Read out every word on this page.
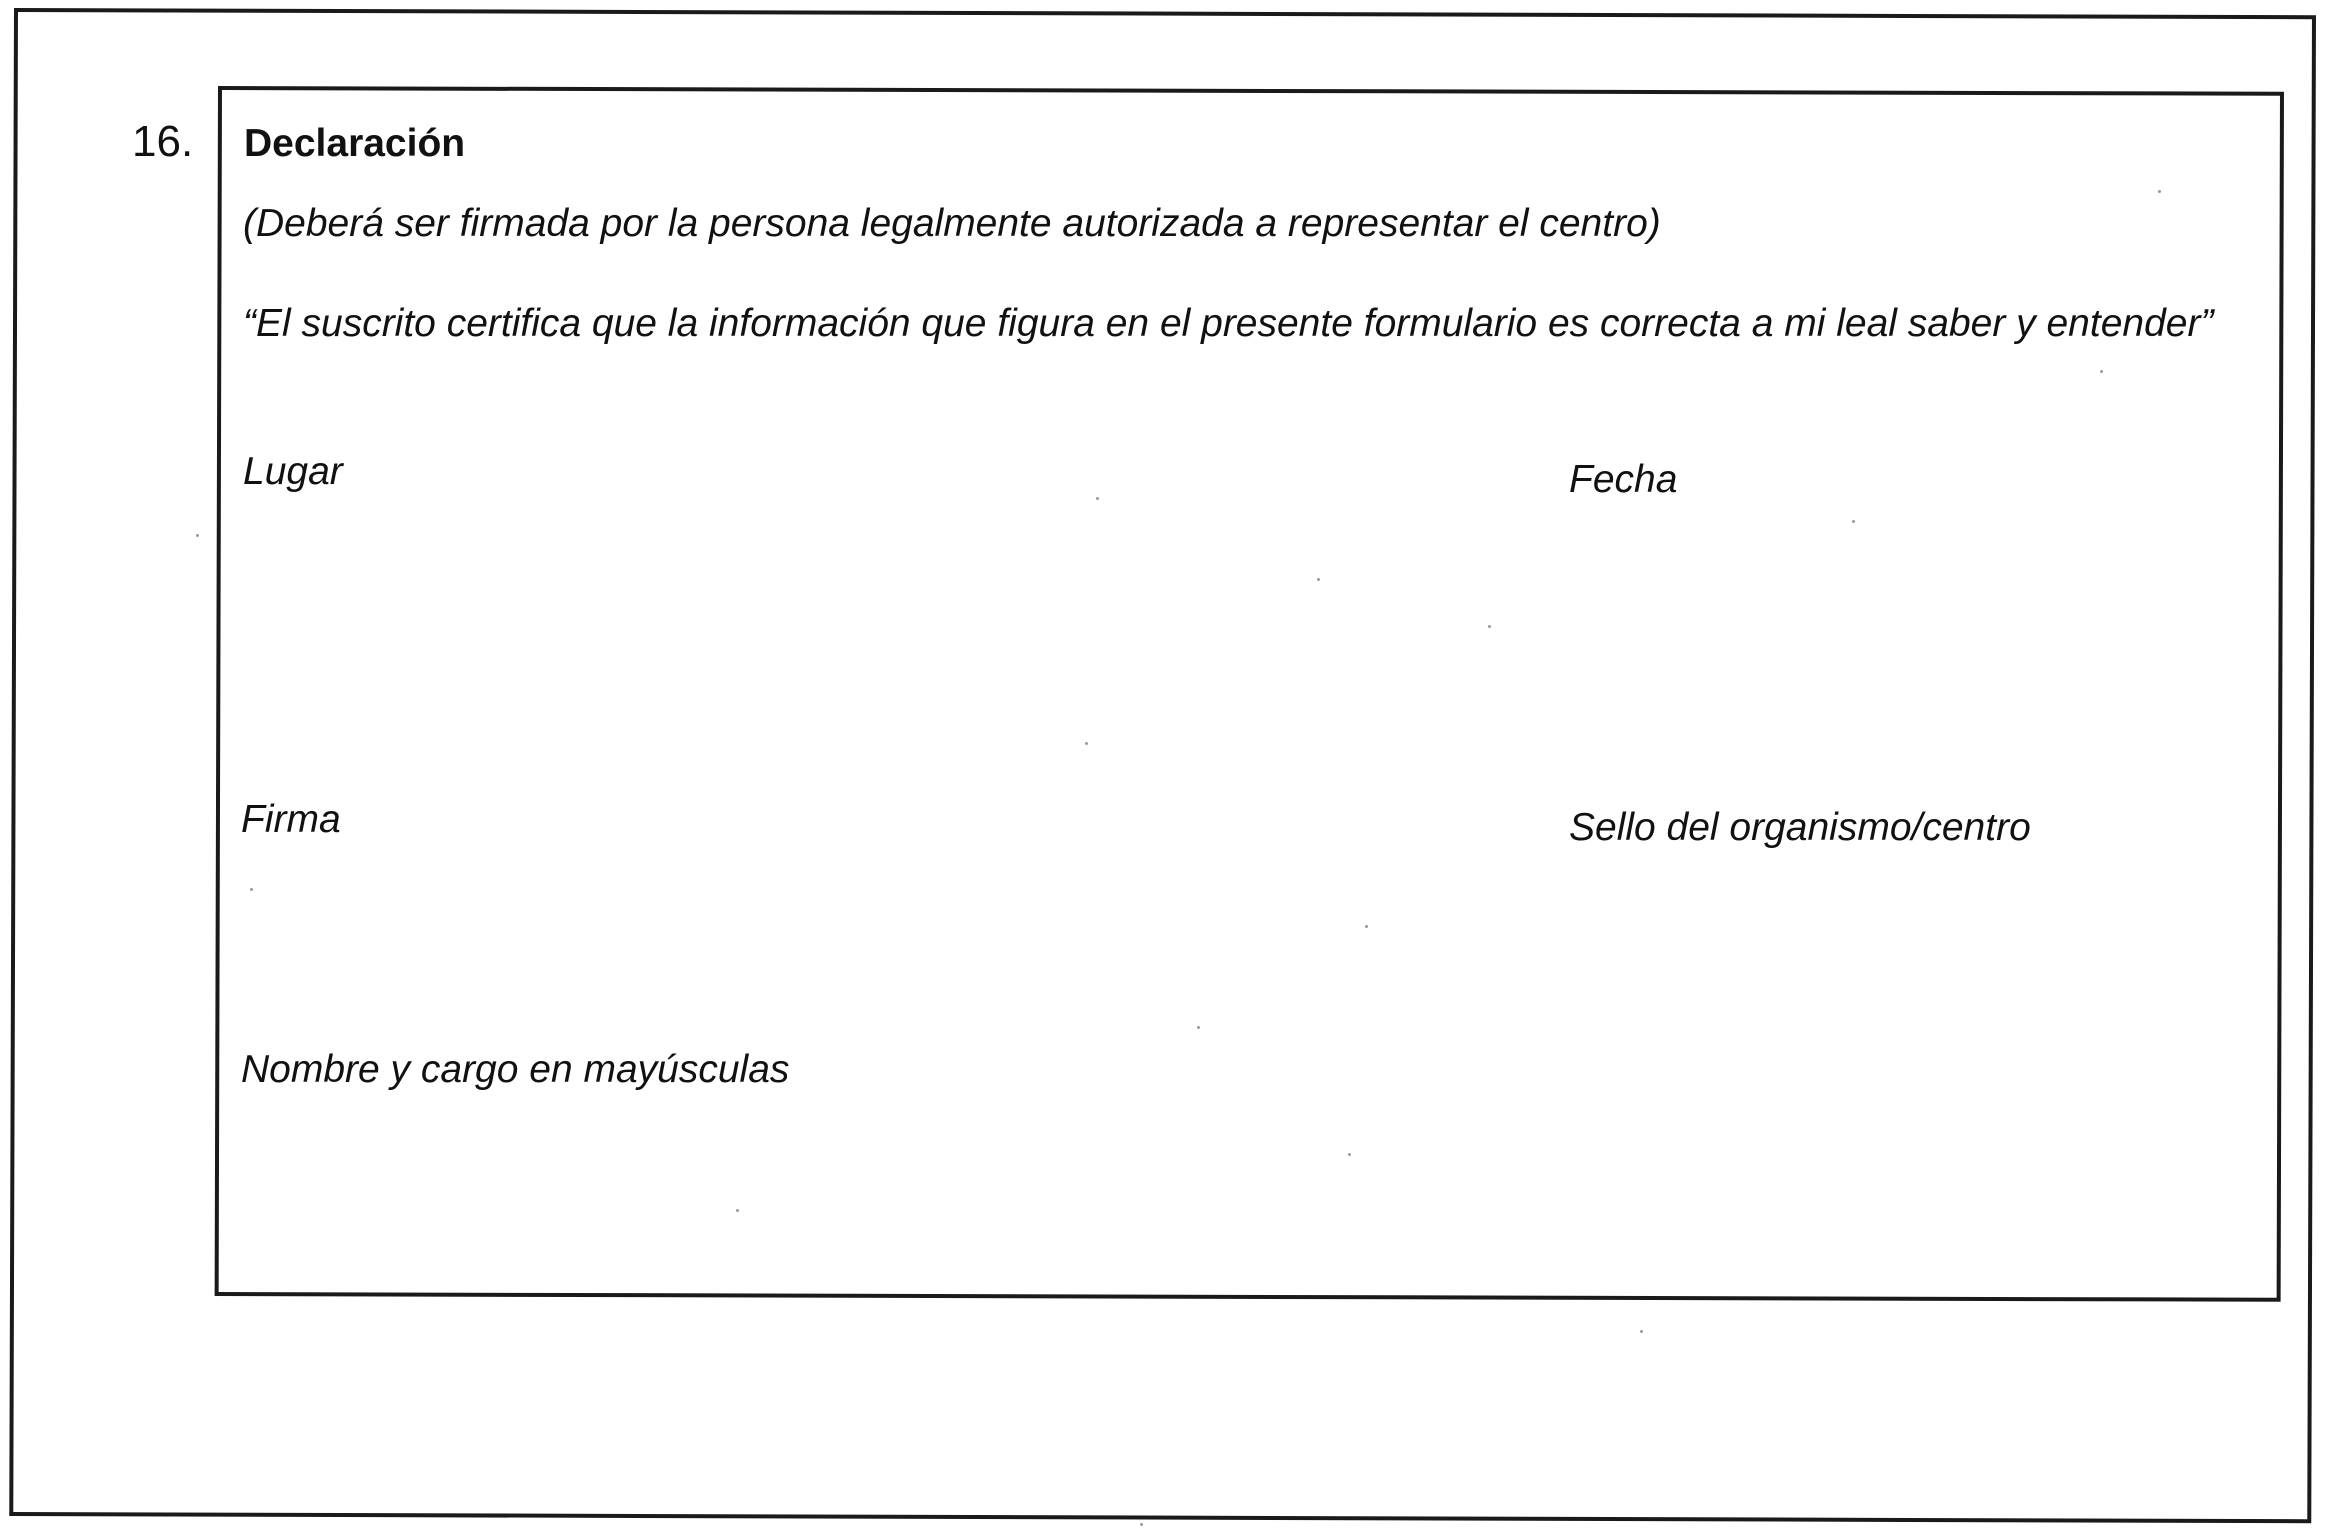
16. Declaración
(Deberá ser firmada por la persona legalmente autorizada a representar el centro)
“El suscrito certifica que la información que figura en el presente formulario es correcta a mi leal saber y entender”
Lugar	Fecha
Firma	Sello del organismo/centro
Nombre y cargo en mayúsculas
